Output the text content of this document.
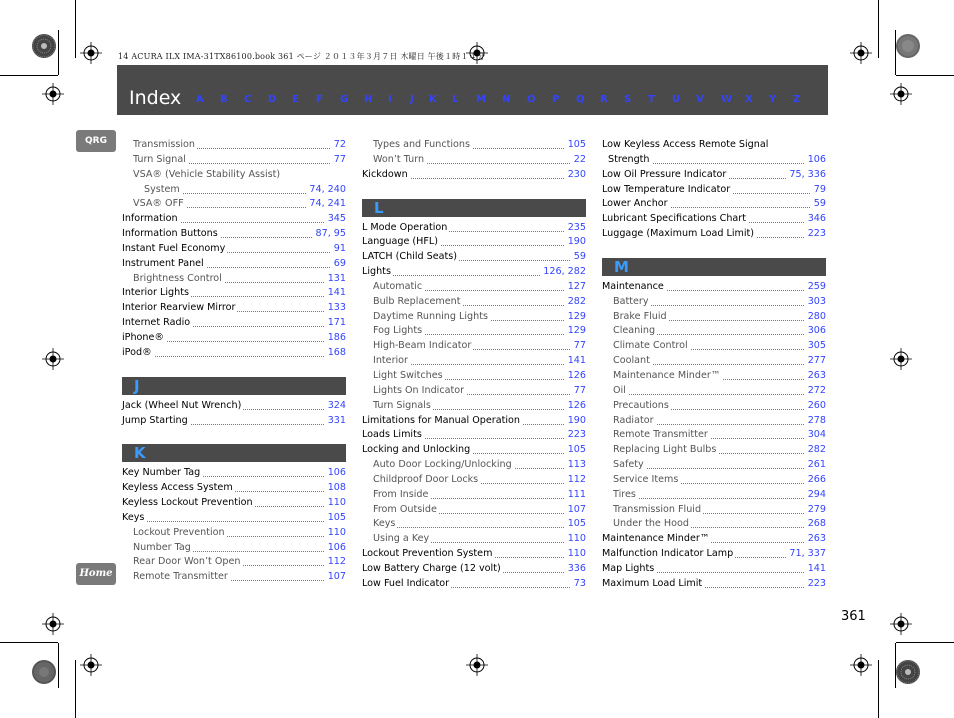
14 ACURA ILX IMA-31TX86100.book 361 ページ ２０１３年３月７日 木曜日 午後１時１４分
Index A B C D E F G H I J K L M N O P Q R S T U V W X Y Z
QRG
Home
Transmission	72
Turn Signal	77
VSA® (Vehicle Stability Assist)
System	74, 240
VSA® OFF	74, 241
Information	345
Information Buttons	87, 95
Instant Fuel Economy	91
Instrument Panel	69
Brightness Control	131
Interior Lights	141
Interior Rearview Mirror	133
Internet Radio	171
iPhone®	186
iPod®	168
J
Jack (Wheel Nut Wrench)	324
Jump Starting	331
K
Key Number Tag	106
Keyless Access System	108
Keyless Lockout Prevention	110
Keys	105
Lockout Prevention	110
Number Tag	106
Rear Door Won’t Open	112
Remote Transmitter	107
Types and Functions	105
Won’t Turn	22
Kickdown	230
L
L Mode Operation	235
Language (HFL)	190
LATCH (Child Seats)	59
Lights	126, 282
Automatic	127
Bulb Replacement	282
Daytime Running Lights	129
Fog Lights	129
High-Beam Indicator	77
Interior	141
Light Switches	126
Lights On Indicator	77
Turn Signals	126
Limitations for Manual Operation	190
Loads Limits	223
Locking and Unlocking	105
Auto Door Locking/Unlocking	113
Childproof Door Locks	112
From Inside	111
From Outside	107
Keys	105
Using a Key	110
Lockout Prevention System	110
Low Battery Charge (12 volt)	336
Low Fuel Indicator	73
Low Keyless Access Remote Signal
Strength	106
Low Oil Pressure Indicator	75, 336
Low Temperature Indicator	79
Lower Anchor	59
Lubricant Specifications Chart	346
Luggage (Maximum Load Limit)	223
M
Maintenance	259
Battery	303
Brake Fluid	280
Cleaning	306
Climate Control	305
Coolant	277
Maintenance Minder™	263
Oil	272
Precautions	260
Radiator	278
Remote Transmitter	304
Replacing Light Bulbs	282
Safety	261
Service Items	266
Tires	294
Transmission Fluid	279
Under the Hood	268
Maintenance Minder™	263
Malfunction Indicator Lamp	71, 337
Map Lights	141
Maximum Load Limit	223
361
